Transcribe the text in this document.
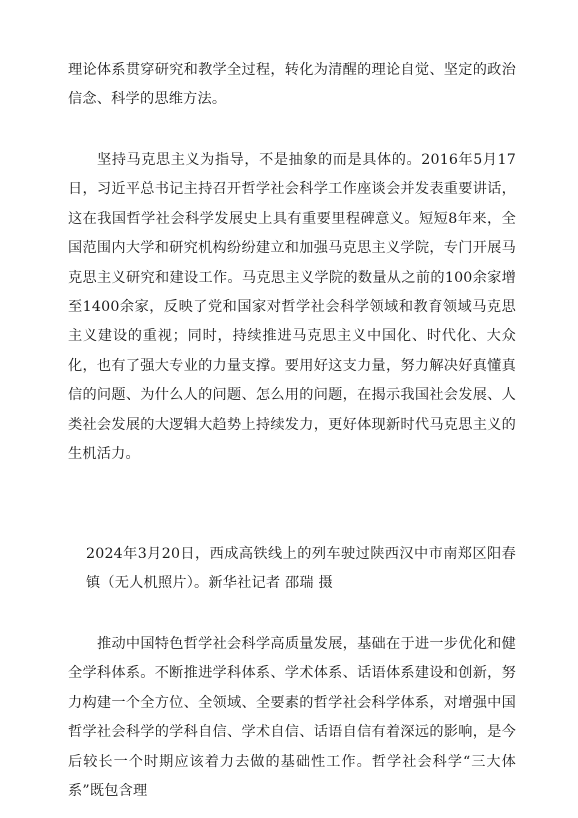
理论体系贯穿研究和教学全过程，转化为清醒的理论自觉、坚定的政治信念、科学的思维方法。

坚持马克思主义为指导，不是抽象的而是具体的。2016年5月17日，习近平总书记主持召开哲学社会科学工作座谈会并发表重要讲话，这在我国哲学社会科学发展史上具有重要里程碑意义。短短8年来，全国范围内大学和研究机构纷纷建立和加强马克思主义学院，专门开展马克思主义研究和建设工作。马克思主义学院的数量从之前的100余家增至1400余家，反映了党和国家对哲学社会科学领域和教育领域马克思主义建设的重视；同时，持续推进马克思主义中国化、时代化、大众化，也有了强大专业的力量支撑。要用好这支力量，努力解决好真懂真信的问题、为什么人的问题、怎么用的问题，在揭示我国社会发展、人类社会发展的大逻辑大趋势上持续发力，更好体现新时代马克思主义的生机活力。

2024年3月20日，西成高铁线上的列车驶过陕西汉中市南郑区阳春镇（无人机照片）。新华社记者 邵瑞 摄

推动中国特色哲学社会科学高质量发展，基础在于进一步优化和健全学科体系。不断推进学科体系、学术体系、话语体系建设和创新，努力构建一个全方位、全领域、全要素的哲学社会科学体系，对增强中国哲学社会科学的学科自信、学术自信、话语自信有着深远的影响，是今后较长一个时期应该着力去做的基础性工作。哲学社会科学“三大体系”既包含理
